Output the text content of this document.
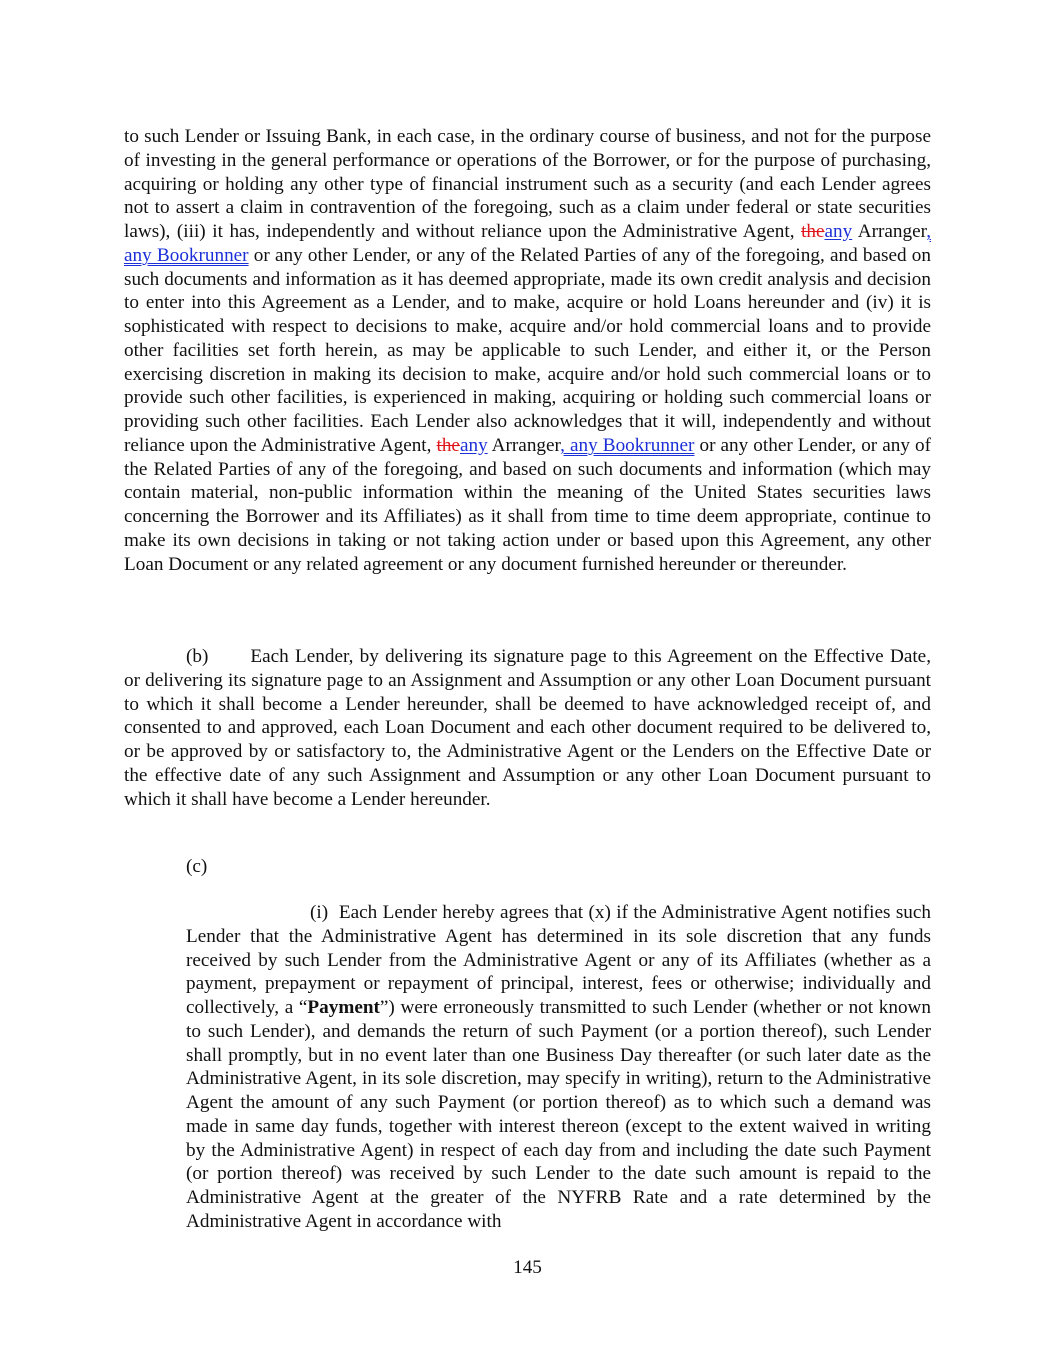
to such Lender or Issuing Bank, in each case, in the ordinary course of business, and not for the purpose of investing in the general performance or operations of the Borrower, or for the purpose of purchasing, acquiring or holding any other type of financial instrument such as a security (and each Lender agrees not to assert a claim in contravention of the foregoing, such as a claim under federal or state securities laws), (iii) it has, independently and without reliance upon the Administrative Agent, theany Arranger, any Bookrunner or any other Lender, or any of the Related Parties of any of the foregoing, and based on such documents and information as it has deemed appropriate, made its own credit analysis and decision to enter into this Agreement as a Lender, and to make, acquire or hold Loans hereunder and (iv) it is sophisticated with respect to decisions to make, acquire and/or hold commercial loans and to provide other facilities set forth herein, as may be applicable to such Lender, and either it, or the Person exercising discretion in making its decision to make, acquire and/or hold such commercial loans or to provide such other facilities, is experienced in making, acquiring or holding such commercial loans or providing such other facilities. Each Lender also acknowledges that it will, independently and without reliance upon the Administrative Agent, theany Arranger, any Bookrunner or any other Lender, or any of the Related Parties of any of the foregoing, and based on such documents and information (which may contain material, non-public information within the meaning of the United States securities laws concerning the Borrower and its Affiliates) as it shall from time to time deem appropriate, continue to make its own decisions in taking or not taking action under or based upon this Agreement, any other Loan Document or any related agreement or any document furnished hereunder or thereunder.

(b) Each Lender, by delivering its signature page to this Agreement on the Effective Date, or delivering its signature page to an Assignment and Assumption or any other Loan Document pursuant to which it shall become a Lender hereunder, shall be deemed to have acknowledged receipt of, and consented to and approved, each Loan Document and each other document required to be delivered to, or be approved by or satisfactory to, the Administrative Agent or the Lenders on the Effective Date or the effective date of any such Assignment and Assumption or any other Loan Document pursuant to which it shall have become a Lender hereunder.

(c)

(i) Each Lender hereby agrees that (x) if the Administrative Agent notifies such Lender that the Administrative Agent has determined in its sole discretion that any funds received by such Lender from the Administrative Agent or any of its Affiliates (whether as a payment, prepayment or repayment of principal, interest, fees or otherwise; individually and collectively, a “Payment”) were erroneously transmitted to such Lender (whether or not known to such Lender), and demands the return of such Payment (or a portion thereof), such Lender shall promptly, but in no event later than one Business Day thereafter (or such later date as the Administrative Agent, in its sole discretion, may specify in writing), return to the Administrative Agent the amount of any such Payment (or portion thereof) as to which such a demand was made in same day funds, together with interest thereon (except to the extent waived in writing by the Administrative Agent) in respect of each day from and including the date such Payment (or portion thereof) was received by such Lender to the date such amount is repaid to the Administrative Agent at the greater of the NYFRB Rate and a rate determined by the Administrative Agent in accordance with

145
